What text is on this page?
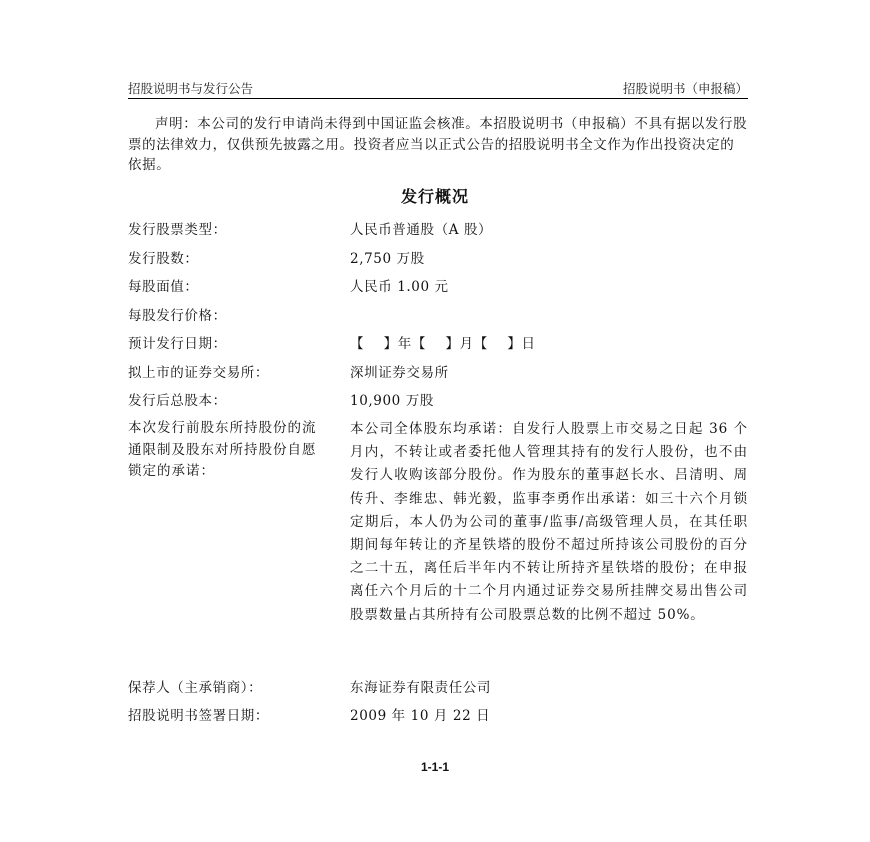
招股说明书与发行公告	招股说明书（申报稿）

声明：本公司的发行申请尚未得到中国证监会核准。本招股说明书（申报稿）不具有据以发行股票的法律效力，仅供预先披露之用。投资者应当以正式公告的招股说明书全文作为作出投资决定的依据。

发行概况
发行股票类型：	人民币普通股（A 股）
发行股数：	2,750 万股
每股面值：	人民币 1.00 元
每股发行价格：
预计发行日期：	【    】年【    】月【    】日
拟上市的证券交易所：	深圳证券交易所
发行后总股本：	10,900 万股
本次发行前股东所持股份的流通限制及股东对所持股份自愿锁定的承诺：
本公司全体股东均承诺：自发行人股票上市交易之日起 36 个月内，不转让或者委托他人管理其持有的发行人股份，也不由发行人收购该部分股份。作为股东的董事赵长水、吕清明、周传升、李维忠、韩光毅，监事李勇作出承诺：如三十六个月锁定期后，本人仍为公司的董事/监事/高级管理人员，在其任职期间每年转让的齐星铁塔的股份不超过所持该公司股份的百分之二十五，离任后半年内不转让所持齐星铁塔的股份；在申报离任六个月后的十二个月内通过证券交易所挂牌交易出售公司股票数量占其所持有公司股票总数的比例不超过 50%。
保荐人（主承销商）：	东海证券有限责任公司
招股说明书签署日期：	2009 年 10 月 22 日
1-1-1
